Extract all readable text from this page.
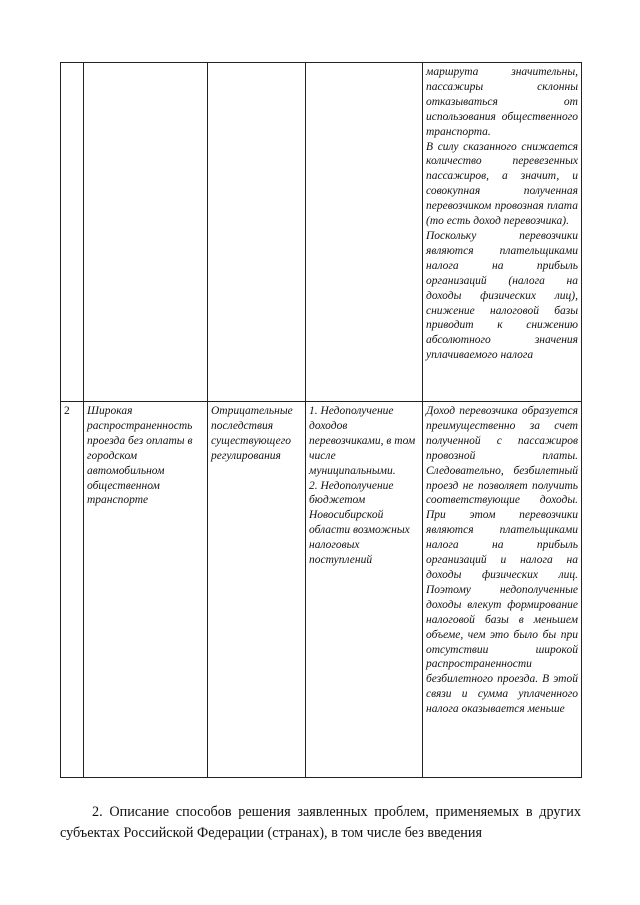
				маршрута значительны, пассажиры склонны отказываться от использования общественного транспорта.
В силу сказанного снижается количество перевезенных пассажиров, а значит, и совокупная полученная перевозчиком провозная плата (то есть доход перевозчика).
Поскольку перевозчики являются плательщиками налога на прибыль организаций (налога на доходы физических лиц), снижение налоговой базы приводит к снижению абсолютного значения уплачиваемого налога

2	Широкая распространенность проезда без оплаты в городском автомобильном общественном транспорте	Отрицательные последствия существующего регулирования	1. Недополучение доходов перевозчиками, в том числе муниципальными.
2. Недополучение бюджетом Новосибирской области возможных налоговых поступлений	Доход перевозчика образуется преимущественно за счет полученной с пассажиров провозной платы. Следовательно, безбилетный проезд не позволяет получить соответствующие доходы. При этом перевозчики являются плательщиками налога на прибыль организаций и налога на доходы физических лиц. Поэтому недополученные доходы влекут формирование налоговой базы в меньшем объеме, чем это было бы при отсутствии широкой распространенности безбилетного проезда. В этой связи и сумма уплаченного налога оказывается меньше

2. Описание способов решения заявленных проблем, применяемых в других субъектах Российской Федерации (странах), в том числе без введения
